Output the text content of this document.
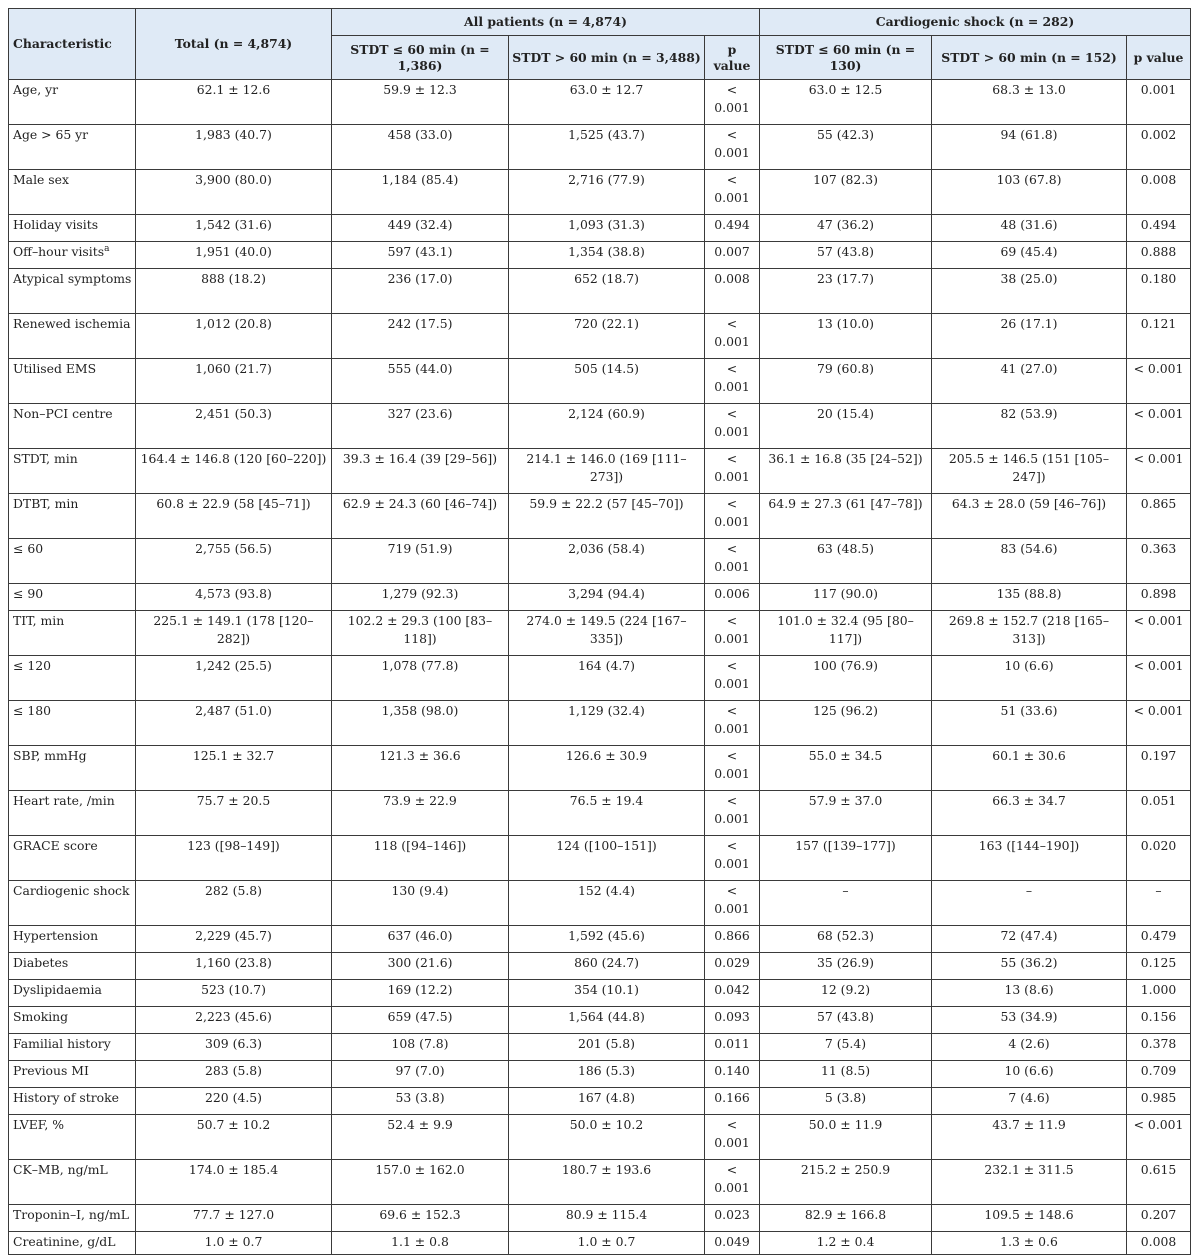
Characteristic	Total (n = 4,874)	All patients (n = 4,874)			Cardiogenic shock (n = 282)		
		STDT ≤ 60 min (n = 1,386)	STDT > 60 min (n = 3,488)	p value	STDT ≤ 60 min (n = 130)	STDT > 60 min (n = 152)	p value
Age, yr	62.1 ± 12.6	59.9 ± 12.3	63.0 ± 12.7	< 0.001	63.0 ± 12.5	68.3 ± 13.0	0.001
Age > 65 yr	1,983 (40.7)	458 (33.0)	1,525 (43.7)	< 0.001	55 (42.3)	94 (61.8)	0.002
Male sex	3,900 (80.0)	1,184 (85.4)	2,716 (77.9)	< 0.001	107 (82.3)	103 (67.8)	0.008
Holiday visits	1,542 (31.6)	449 (32.4)	1,093 (31.3)	0.494	47 (36.2)	48 (31.6)	0.494
Off–hour visits$^a$	1,951 (40.0)	597 (43.1)	1,354 (38.8)	0.007	57 (43.8)	69 (45.4)	0.888
Atypical symptoms	888 (18.2)	236 (17.0)	652 (18.7)	0.008	23 (17.7)	38 (25.0)	0.180
Renewed ischemia	1,012 (20.8)	242 (17.5)	720 (22.1)	< 0.001	13 (10.0)	26 (17.1)	0.121
Utilised EMS	1,060 (21.7)	555 (44.0)	505 (14.5)	< 0.001	79 (60.8)	41 (27.0)	< 0.001
Non–PCI centre	2,451 (50.3)	327 (23.6)	2,124 (60.9)	< 0.001	20 (15.4)	82 (53.9)	< 0.001
STDT, min	164.4 ± 146.8 (120 [60–220])	39.3 ± 16.4 (39 [29–56])	214.1 ± 146.0 (169 [111–273])	< 0.001	36.1 ± 16.8 (35 [24–52])	205.5 ± 146.5 (151 [105–247])	< 0.001
DTBT, min	60.8 ± 22.9 (58 [45–71])	62.9 ± 24.3 (60 [46–74])	59.9 ± 22.2 (57 [45–70])	< 0.001	64.9 ± 27.3 (61 [47–78])	64.3 ± 28.0 (59 [46–76])	0.865
≤ 60	2,755 (56.5)	719 (51.9)	2,036 (58.4)	< 0.001	63 (48.5)	83 (54.6)	0.363
≤ 90	4,573 (93.8)	1,279 (92.3)	3,294 (94.4)	0.006	117 (90.0)	135 (88.8)	0.898
TIT, min	225.1 ± 149.1 (178 [120–282])	102.2 ± 29.3 (100 [83–118])	274.0 ± 149.5 (224 [167–335])	< 0.001	101.0 ± 32.4 (95 [80–117])	269.8 ± 152.7 (218 [165–313])	< 0.001
≤ 120	1,242 (25.5)	1,078 (77.8)	164 (4.7)	< 0.001	100 (76.9)	10 (6.6)	< 0.001
≤ 180	2,487 (51.0)	1,358 (98.0)	1,129 (32.4)	< 0.001	125 (96.2)	51 (33.6)	< 0.001
SBP, mmHg	125.1 ± 32.7	121.3 ± 36.6	126.6 ± 30.9	< 0.001	55.0 ± 34.5	60.1 ± 30.6	0.197
Heart rate, /min	75.7 ± 20.5	73.9 ± 22.9	76.5 ± 19.4	< 0.001	57.9 ± 37.0	66.3 ± 34.7	0.051
GRACE score	123 ([98–149])	118 ([94–146])	124 ([100–151])	< 0.001	157 ([139–177])	163 ([144–190])	0.020
Cardiogenic shock	282 (5.8)	130 (9.4)	152 (4.4)	< 0.001	–	–	–
Hypertension	2,229 (45.7)	637 (46.0)	1,592 (45.6)	0.866	68 (52.3)	72 (47.4)	0.479
Diabetes	1,160 (23.8)	300 (21.6)	860 (24.7)	0.029	35 (26.9)	55 (36.2)	0.125
Dyslipidaemia	523 (10.7)	169 (12.2)	354 (10.1)	0.042	12 (9.2)	13 (8.6)	1.000
Smoking	2,223 (45.6)	659 (47.5)	1,564 (44.8)	0.093	57 (43.8)	53 (34.9)	0.156
Familial history	309 (6.3)	108 (7.8)	201 (5.8)	0.011	7 (5.4)	4 (2.6)	0.378
Previous MI	283 (5.8)	97 (7.0)	186 (5.3)	0.140	11 (8.5)	10 (6.6)	0.709
History of stroke	220 (4.5)	53 (3.8)	167 (4.8)	0.166	5 (3.8)	7 (4.6)	0.985
LVEF, %	50.7 ± 10.2	52.4 ± 9.9	50.0 ± 10.2	< 0.001	50.0 ± 11.9	43.7 ± 11.9	< 0.001
CK–MB, ng/mL	174.0 ± 185.4	157.0 ± 162.0	180.7 ± 193.6	< 0.001	215.2 ± 250.9	232.1 ± 311.5	0.615
Troponin–I, ng/mL	77.7 ± 127.0	69.6 ± 152.3	80.9 ± 115.4	0.023	82.9 ± 166.8	109.5 ± 148.6	0.207
Creatinine, g/dL	1.0 ± 0.7	1.1 ± 0.8	1.0 ± 0.7	0.049	1.2 ± 0.4	1.3 ± 0.6	0.008
